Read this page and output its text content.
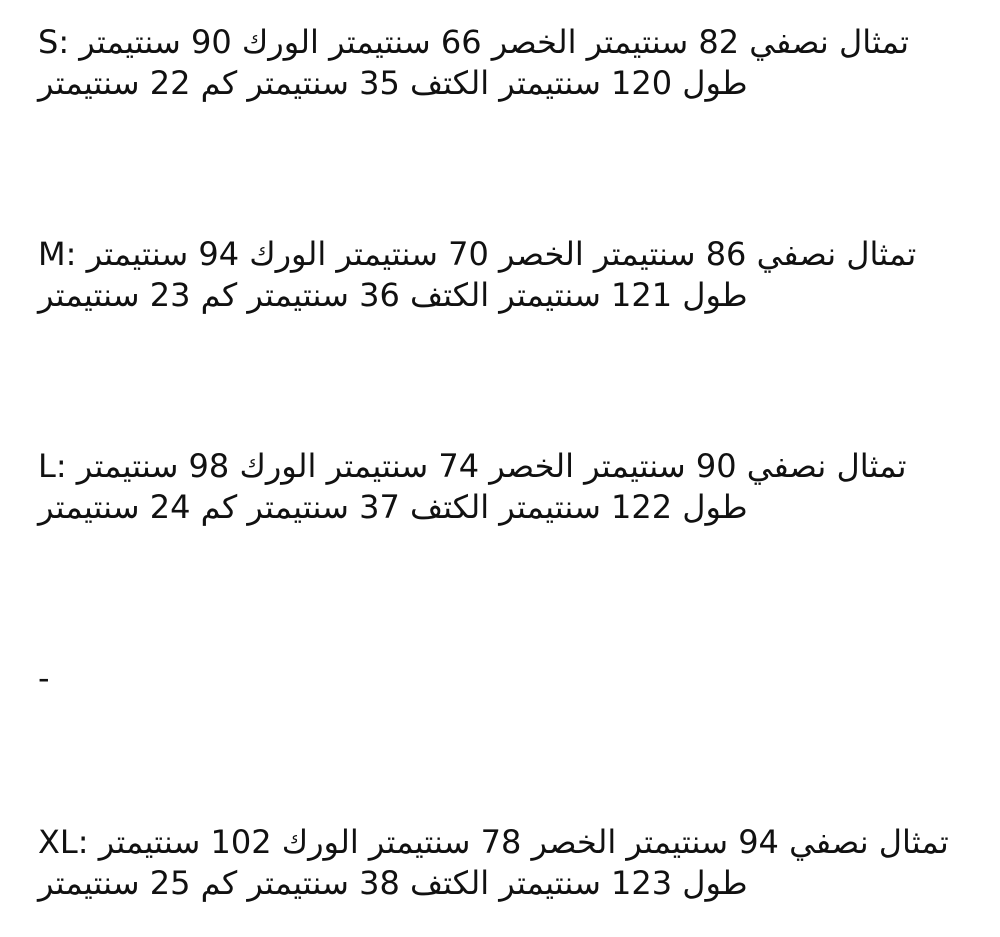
تمثال نصفي 82 سنتيمتر الخصر 66 سنتيمتر الورك 90 سنتيمتر :S
طول 120 سنتيمتر الكتف 35 سنتيمتر كم 22 سنتيمتر
تمثال نصفي 86 سنتيمتر الخصر 70 سنتيمتر الورك 94 سنتيمتر :M
طول 121 سنتيمتر الكتف 36 سنتيمتر كم 23 سنتيمتر
تمثال نصفي 90 سنتيمتر الخصر 74 سنتيمتر الورك 98 سنتيمتر :L
طول 122 سنتيمتر الكتف 37 سنتيمتر كم 24 سنتيمتر
-
تمثال نصفي 94 سنتيمتر الخصر 78 سنتيمتر الورك 102 سنتيمتر :XL
طول 123 سنتيمتر الكتف 38 سنتيمتر كم 25 سنتيمتر
